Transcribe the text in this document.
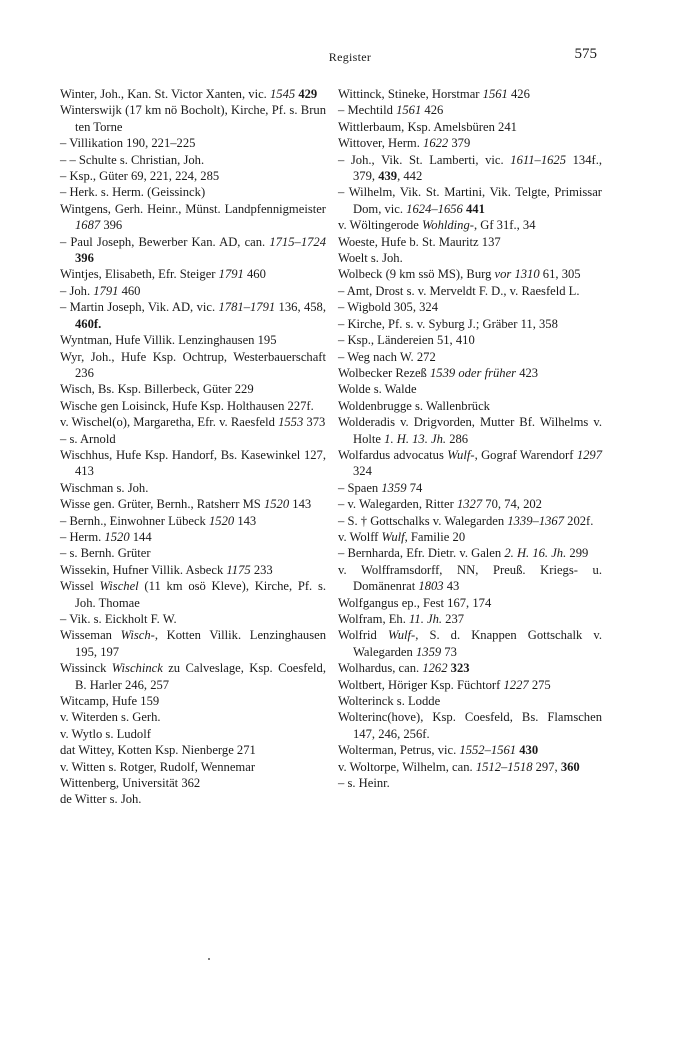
Register	575

Winter, Joh., Kan. St. Victor Xanten, vic. 1545 429

Winterswijk (17 km nö Bocholt), Kirche, Pf. s. Brun ten Torne

– Villikation 190, 221–225

– – Schulte s. Christian, Joh.

– Ksp., Güter 69, 221, 224, 285

– Herk. s. Herm. (Geissinck)

Wintgens, Gerh. Heinr., Münst. Landpfennigmeister 1687 396

– Paul Joseph, Bewerber Kan. AD, can. 1715–1724 396

Wintjes, Elisabeth, Efr. Steiger 1791 460

– Joh. 1791 460

– Martin Joseph, Vik. AD, vic. 1781–1791 136, 458, 460f.

Wyntman, Hufe Villik. Lenzinghausen 195

Wyr, Joh., Hufe Ksp. Ochtrup, Westerbauerschaft 236

Wisch, Bs. Ksp. Billerbeck, Güter 229

Wische gen Loisinck, Hufe Ksp. Holthausen 227f.

v. Wischel(o), Margaretha, Efr. v. Raesfeld 1553 373

– s. Arnold

Wischhus, Hufe Ksp. Handorf, Bs. Kasewinkel 127, 413

Wischman s. Joh.

Wisse gen. Grüter, Bernh., Ratsherr MS 1520 143

– Bernh., Einwohner Lübeck 1520 143

– Herm. 1520 144

– s. Bernh. Grüter

Wissekin, Hufner Villik. Asbeck 1175 233

Wissel Wischel (11 km osö Kleve), Kirche, Pf. s. Joh. Thomae

– Vik. s. Eickholt F. W.

Wisseman Wisch-, Kotten Villik. Lenzinghausen 195, 197

Wissinck Wischinck zu Calveslage, Ksp. Coesfeld, B. Harler 246, 257

Witcamp, Hufe 159

v. Witerden s. Gerh.

v. Wytlo s. Ludolf

dat Wittey, Kotten Ksp. Nienberge 271

v. Witten s. Rotger, Rudolf, Wennemar

Wittenberg, Universität 362

de Witter s. Joh.

Wittinck, Stineke, Horstmar 1561 426

– Mechtild 1561 426

Wittlerbaum, Ksp. Amelsbüren 241

Wittover, Herm. 1622 379

– Joh., Vik. St. Lamberti, vic. 1611–1625 134f., 379, 439, 442

– Wilhelm, Vik. St. Martini, Vik. Telgte, Primissar Dom, vic. 1624–1656 441

v. Wöltingerode Wohlding-, Gf 31f., 34

Woeste, Hufe b. St. Mauritz 137

Woelt s. Joh.

Wolbeck (9 km ssö MS), Burg vor 1310 61, 305

– Amt, Drost s. v. Merveldt F. D., v. Raesfeld L.

– Wigbold 305, 324

– Kirche, Pf. s. v. Syburg J.; Gräber 11, 358

– Ksp., Ländereien 51, 410

– Weg nach W. 272

Wolbecker Rezeß 1539 oder früher 423

Wolde s. Walde

Woldenbrugge s. Wallenbrück

Wolderadis v. Drigvorden, Mutter Bf. Wilhelms v. Holte 1. H. 13. Jh. 286

Wolfardus advocatus Wulf-, Gograf Warendorf 1297 324

– Spaen 1359 74

– v. Walegarden, Ritter 1327 70, 74, 202

– S. † Gottschalks v. Walegarden 1339–1367 202f.

v. Wolff Wulf, Familie 20

– Bernharda, Efr. Dietr. v. Galen 2. H. 16. Jh. 299

v. Wolfframsdorff, NN, Preuß. Kriegs- u. Domänenrat 1803 43

Wolfgangus ep., Fest 167, 174

Wolfram, Eh. 11. Jh. 237

Wolfrid Wulf-, S. d. Knappen Gottschalk v. Walegarden 1359 73

Wolhardus, can. 1262 323

Woltbert, Höriger Ksp. Füchtorf 1227 275

Wolterinck s. Lodde

Wolterinc(hove), Ksp. Coesfeld, Bs. Flamschen 147, 246, 256f.

Wolterman, Petrus, vic. 1552–1561 430

v. Woltorpe, Wilhelm, can. 1512–1518 297, 360

– s. Heinr.
